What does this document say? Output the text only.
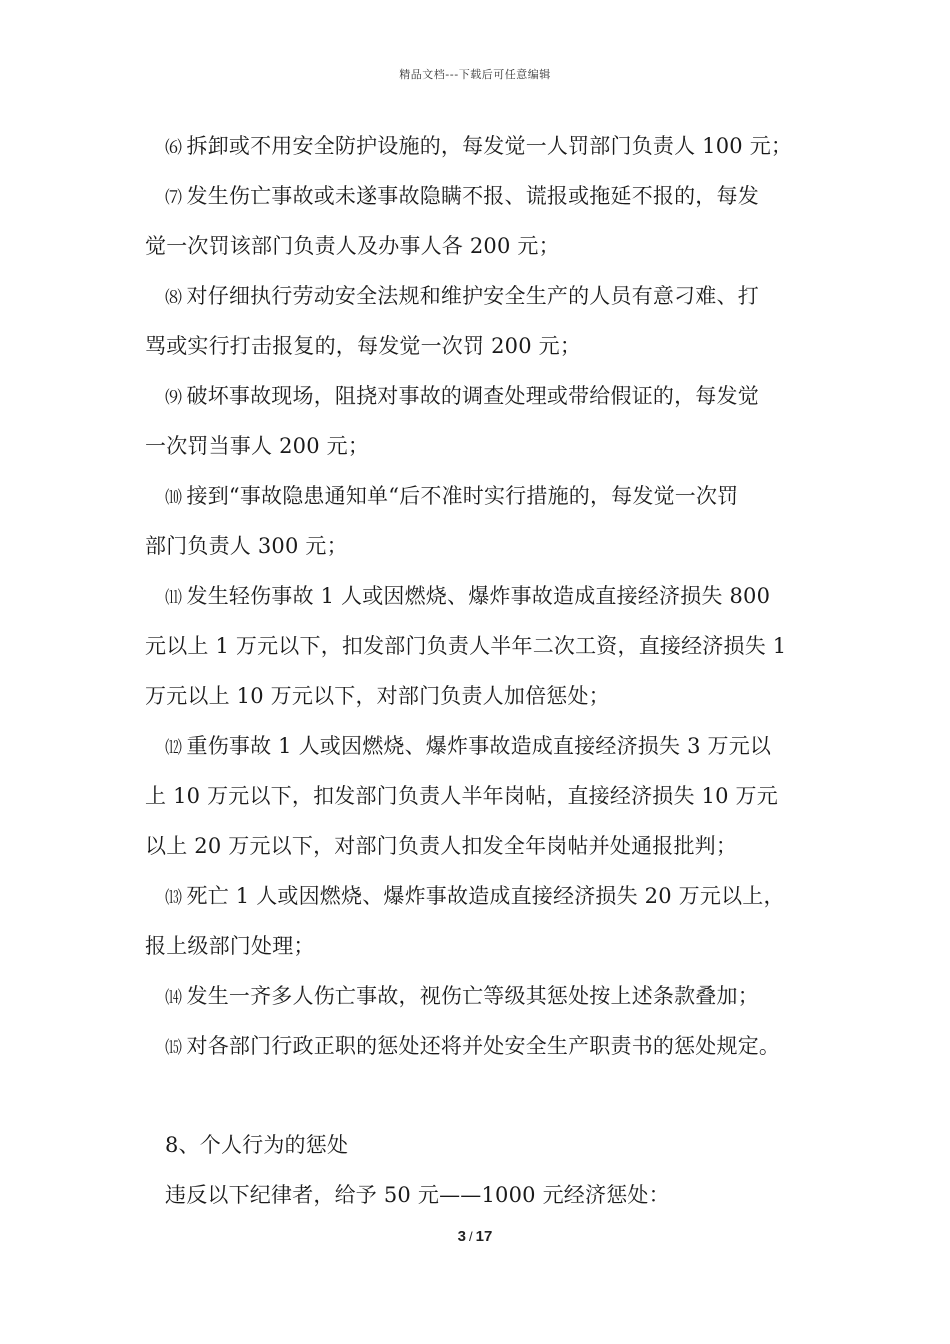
精品文档---下载后可任意编辑
⑹ 拆卸或不用安全防护设施的，每发觉一人罚部门负责人 100 元；
⑺ 发生伤亡事故或未遂事故隐瞒不报、谎报或拖延不报的，每发
觉一次罚该部门负责人及办事人各 200 元；
⑻ 对仔细执行劳动安全法规和维护安全生产的人员有意刁难、打
骂或实行打击报复的，每发觉一次罚 200 元；
⑼ 破坏事故现场，阻挠对事故的调查处理或带给假证的，每发觉
一次罚当事人 200 元；
⑽ 接到“事故隐患通知单“后不准时实行措施的，每发觉一次罚
部门负责人 300 元；
⑾ 发生轻伤事故 1 人或因燃烧、爆炸事故造成直接经济损失 800
元以上 1 万元以下，扣发部门负责人半年二次工资，直接经济损失 1
万元以上 10 万元以下，对部门负责人加倍惩处；
⑿ 重伤事故 1 人或因燃烧、爆炸事故造成直接经济损失 3 万元以
上 10 万元以下，扣发部门负责人半年岗帖，直接经济损失 10 万元
以上 20 万元以下，对部门负责人扣发全年岗帖并处通报批判；
⒀ 死亡 1 人或因燃烧、爆炸事故造成直接经济损失 20 万元以上，
报上级部门处理；
⒁ 发生一齐多人伤亡事故，视伤亡等级其惩处按上述条款叠加；
⒂ 对各部门行政正职的惩处还将并处安全生产职责书的惩处规定。
8、个人行为的惩处
违反以下纪律者，给予 50 元——1000 元经济惩处：
3 / 17
